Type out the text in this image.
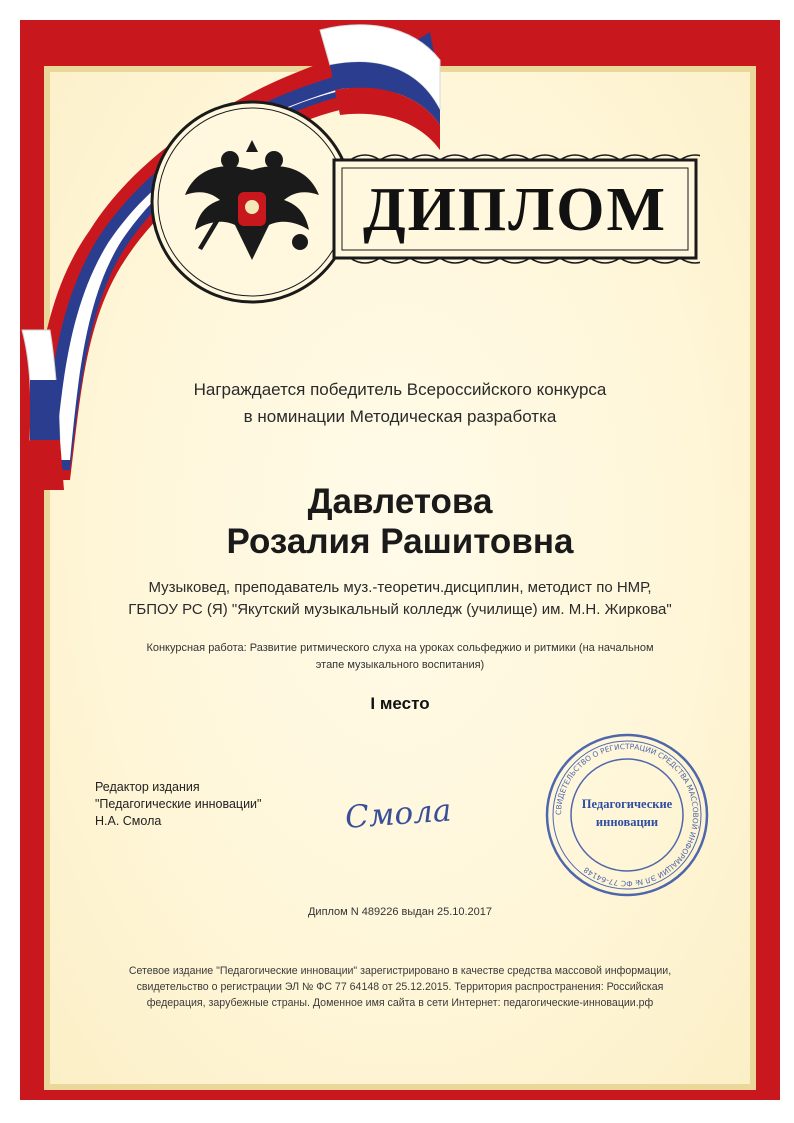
ДИПЛОМ
Награждается победитель Всероссийского конкурса
в номинации Методическая разработка
Давлетова
Розалия Рашитовна
Музыковед, преподаватель муз.-теоретич.дисциплин, методист по НМР,
ГБПОУ РС (Я) "Якутский музыкальный колледж (училище) им. М.Н. Жиркова"
Конкурсная работа: Развитие ритмического слуха на уроках сольфеджио и ритмики (на начальном
этапе музыкального воспитания)
I место
Редактор издания
"Педагогические инновации"
Н.А. Смола	Смола	СВИДЕТЕЛЬСТВО О РЕГИСТРАЦИИ СРЕДСТВА МАССОВОЙ ИНФОРМАЦИИ ЭЛ № ФС 77-64148
Педагогические
инновации
Диплом N 489226 выдан 25.10.2017
Сетевое издание "Педагогические инновации" зарегистрировано в качестве средства массовой информации,
свидетельство о регистрации ЭЛ № ФС 77 64148 от 25.12.2015. Территория распространения: Российская
федерация, зарубежные страны. Доменное имя сайта в сети Интернет: педагогические-инновации.рф
